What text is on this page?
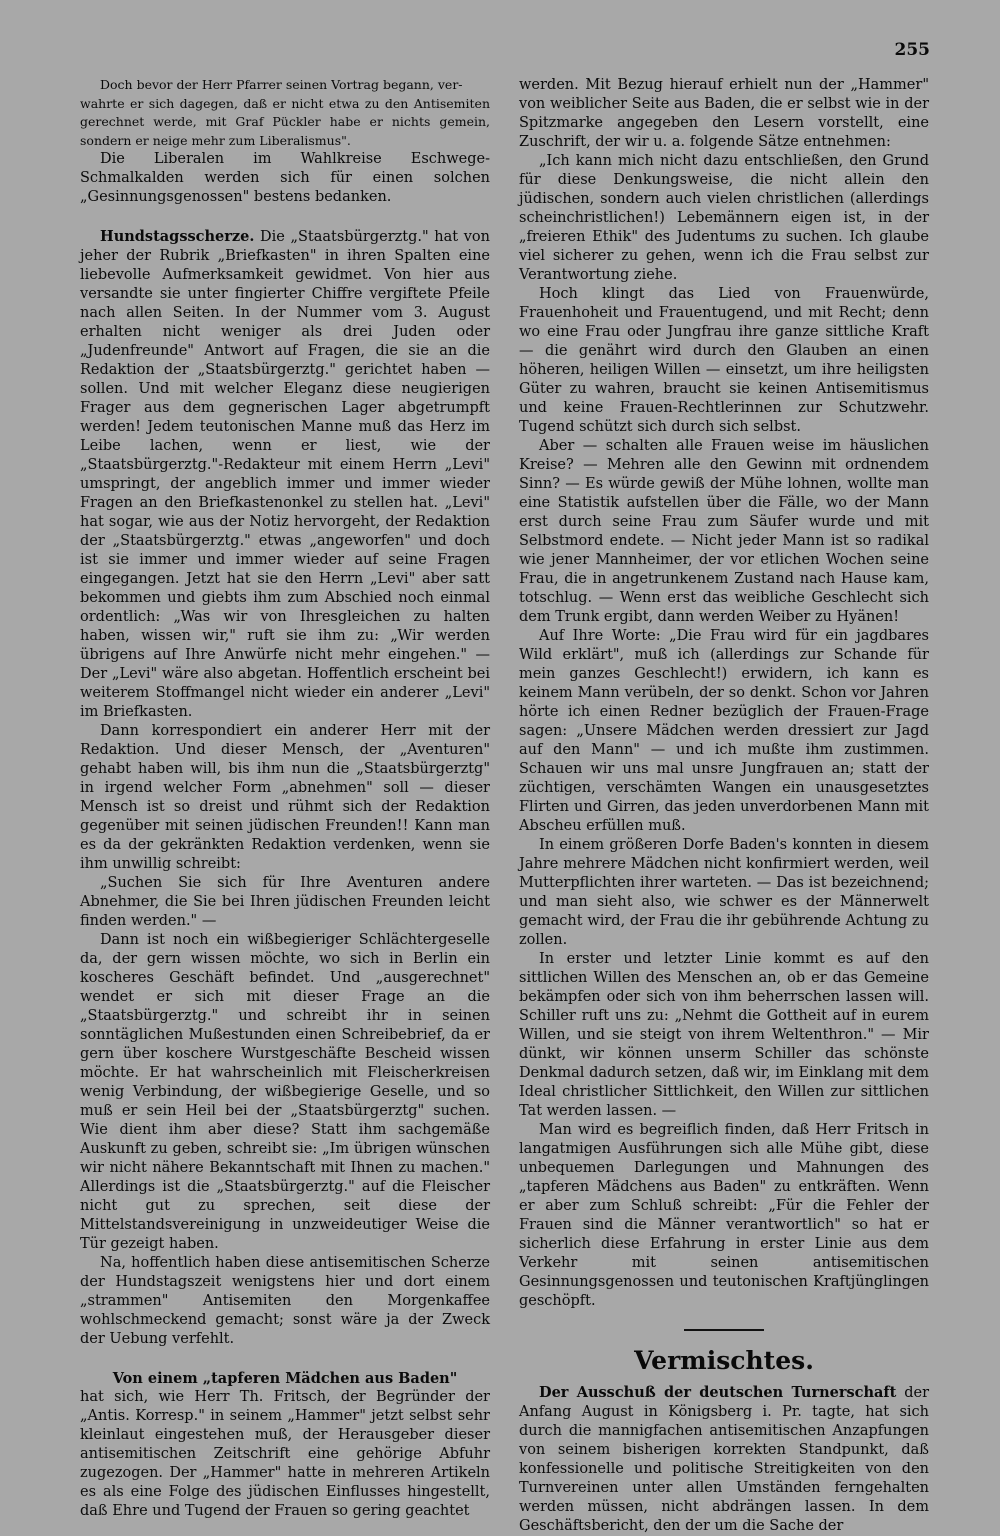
255

Doch bevor der Herr Pfarrer seinen Vortrag begann, ver-

wahrte er sich dagegen, daß er nicht etwa zu den Antisemiten gerechnet werde, mit Graf Pückler habe er nichts gemein, sondern er neige mehr zum Liberalismus".

Die Liberalen im Wahlkreise Eschwege-Schmalkalden werden sich für einen solchen „Gesinnungsgenossen" bestens bedanken.

Hundstagsscherze. Die „Staatsbürgerztg." hat von jeher der Rubrik „Briefkasten" in ihren Spalten eine liebevolle Aufmerksamkeit gewidmet. Von hier aus versandte sie unter fingierter Chiffre vergiftete Pfeile nach allen Seiten. In der Nummer vom 3. August erhalten nicht weniger als drei Juden oder „Judenfreunde" Antwort auf Fragen, die sie an die Redaktion der „Staatsbürgerztg." gerichtet haben — sollen. Und mit welcher Eleganz diese neugierigen Frager aus dem gegnerischen Lager abgetrumpft werden! Jedem teutonischen Manne muß das Herz im Leibe lachen, wenn er liest, wie der „Staatsbürgerztg."-Redakteur mit einem Herrn „Levi" umspringt, der angeblich immer und immer wieder Fragen an den Briefkastenonkel zu stellen hat. „Levi" hat sogar, wie aus der Notiz hervorgeht, der Redaktion der „Staatsbürgerztg." etwas „angeworfen" und doch ist sie immer und immer wieder auf seine Fragen eingegangen. Jetzt hat sie den Herrn „Levi" aber satt bekommen und giebts ihm zum Abschied noch einmal ordentlich: „Was wir von Ihresgleichen zu halten haben, wissen wir," ruft sie ihm zu: „Wir werden übrigens auf Ihre Anwürfe nicht mehr eingehen." — Der „Levi" wäre also abgetan. Hoffentlich erscheint bei weiterem Stoffmangel nicht wieder ein anderer „Levi" im Briefkasten.

Dann korrespondiert ein anderer Herr mit der Redaktion. Und dieser Mensch, der „Aventuren" gehabt haben will, bis ihm nun die „Staatsbürgerztg" in irgend welcher Form „abnehmen" soll — dieser Mensch ist so dreist und rühmt sich der Redaktion gegenüber mit seinen jüdischen Freunden!! Kann man es da der gekränkten Redaktion verdenken, wenn sie ihm unwillig schreibt:

„Suchen Sie sich für Ihre Aventuren andere Abnehmer, die Sie bei Ihren jüdischen Freunden leicht finden werden." —

Dann ist noch ein wißbegieriger Schlächtergeselle da, der gern wissen möchte, wo sich in Berlin ein koscheres Geschäft befindet. Und „ausgerechnet" wendet er sich mit dieser Frage an die „Staatsbürgerztg." und schreibt ihr in seinen sonntäglichen Mußestunden einen Schreibebrief, da er gern über koschere Wurstgeschäfte Bescheid wissen möchte. Er hat wahrscheinlich mit Fleischerkreisen wenig Verbindung, der wißbegierige Geselle, und so muß er sein Heil bei der „Staatsbürgerztg" suchen. Wie dient ihm aber diese? Statt ihm sachgemäße Auskunft zu geben, schreibt sie: „Im übrigen wünschen wir nicht nähere Bekanntschaft mit Ihnen zu machen." Allerdings ist die „Staatsbürgerztg." auf die Fleischer nicht gut zu sprechen, seit diese der Mittelstandsvereinigung in unzweideutiger Weise die Tür gezeigt haben.

Na, hoffentlich haben diese antisemitischen Scherze der Hundstagszeit wenigstens hier und dort einem „strammen" Antisemiten den Morgenkaffee wohlschmeckend gemacht; sonst wäre ja der Zweck der Uebung verfehlt.

Von einem „tapferen Mädchen aus Baden"

hat sich, wie Herr Th. Fritsch, der Begründer der „Antis. Korresp." in seinem „Hammer" jetzt selbst sehr kleinlaut eingestehen muß, der Herausgeber dieser antisemitischen Zeitschrift eine gehörige Abfuhr zugezogen. Der „Hammer" hatte in mehreren Artikeln es als eine Folge des jüdischen Einflusses hingestellt, daß Ehre und Tugend der Frauen so gering geachtet

werden. Mit Bezug hierauf erhielt nun der „Hammer" von weiblicher Seite aus Baden, die er selbst wie in der Spitzmarke angegeben den Lesern vorstellt, eine Zuschrift, der wir u. a. folgende Sätze entnehmen:

„Ich kann mich nicht dazu entschließen, den Grund für diese Denkungsweise, die nicht allein den jüdischen, sondern auch vielen christlichen (allerdings scheinchristlichen!) Lebemännern eigen ist, in der „freieren Ethik" des Judentums zu suchen. Ich glaube viel sicherer zu gehen, wenn ich die Frau selbst zur Verantwortung ziehe.

Hoch klingt das Lied von Frauenwürde, Frauenhoheit und Frauentugend, und mit Recht; denn wo eine Frau oder Jungfrau ihre ganze sittliche Kraft — die genährt wird durch den Glauben an einen höheren, heiligen Willen — einsetzt, um ihre heiligsten Güter zu wahren, braucht sie keinen Antisemitismus und keine Frauen-Rechtlerinnen zur Schutzwehr. Tugend schützt sich durch sich selbst.

Aber — schalten alle Frauen weise im häuslichen Kreise? — Mehren alle den Gewinn mit ordnendem Sinn? — Es würde gewiß der Mühe lohnen, wollte man eine Statistik aufstellen über die Fälle, wo der Mann erst durch seine Frau zum Säufer wurde und mit Selbstmord endete. — Nicht jeder Mann ist so radikal wie jener Mannheimer, der vor etlichen Wochen seine Frau, die in angetrunkenem Zustand nach Hause kam, totschlug. — Wenn erst das weibliche Geschlecht sich dem Trunk ergibt, dann werden Weiber zu Hyänen!

Auf Ihre Worte: „Die Frau wird für ein jagdbares Wild erklärt", muß ich (allerdings zur Schande für mein ganzes Geschlecht!) erwidern, ich kann es keinem Mann verübeln, der so denkt. Schon vor Jahren hörte ich einen Redner bezüglich der Frauen-Frage sagen: „Unsere Mädchen werden dressiert zur Jagd auf den Mann" — und ich mußte ihm zustimmen. Schauen wir uns mal unsre Jungfrauen an; statt der züchtigen, verschämten Wangen ein unausgesetztes Flirten und Girren, das jeden unverdorbenen Mann mit Abscheu erfüllen muß.

In einem größeren Dorfe Baden's konnten in diesem Jahre mehrere Mädchen nicht konfirmiert werden, weil Mutterpflichten ihrer warteten. — Das ist bezeichnend; und man sieht also, wie schwer es der Männerwelt gemacht wird, der Frau die ihr gebührende Achtung zu zollen.

In erster und letzter Linie kommt es auf den sittlichen Willen des Menschen an, ob er das Gemeine bekämpfen oder sich von ihm beherrschen lassen will. Schiller ruft uns zu: „Nehmt die Gottheit auf in eurem Willen, und sie steigt von ihrem Weltenthron." — Mir dünkt, wir können unserm Schiller das schönste Denkmal dadurch setzen, daß wir, im Einklang mit dem Ideal christlicher Sittlichkeit, den Willen zur sittlichen Tat werden lassen. —

Man wird es begreiflich finden, daß Herr Fritsch in langatmigen Ausführungen sich alle Mühe gibt, diese unbequemen Darlegungen und Mahnungen des „tapferen Mädchens aus Baden" zu entkräften. Wenn er aber zum Schluß schreibt: „Für die Fehler der Frauen sind die Männer verantwortlich" so hat er sicherlich diese Erfahrung in erster Linie aus dem Verkehr mit seinen antisemitischen Gesinnungsgenossen und teutonischen Kraftjünglingen geschöpft.

Vermischtes.

Der Ausschuß der deutschen Turnerschaft der Anfang August in Königsberg i. Pr. tagte, hat sich durch die mannigfachen antisemitischen Anzapfungen von seinem bisherigen korrekten Standpunkt, daß konfessionelle und politische Streitigkeiten von den Turnvereinen unter allen Umständen ferngehalten werden müssen, nicht abdrängen lassen. In dem Geschäftsbericht, den der um die Sache der
